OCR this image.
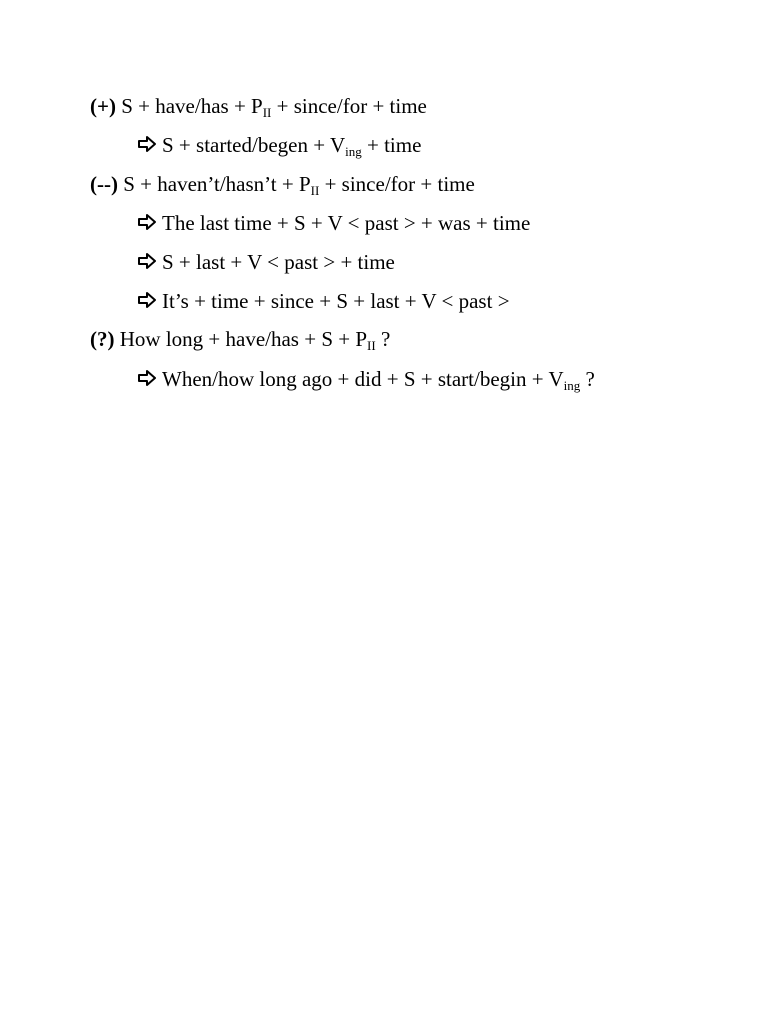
(+) S + have/has + PII + since/for + time
S + started/begen + Ving + time
(--) S + haven’t/hasn’t + PII + since/for + time
The last time + S + V < past > + was + time
S + last + V < past > + time
It’s + time + since + S + last + V < past >
(?) How long + have/has + S + PII ?
When/how long ago + did + S + start/begin + Ving ?
